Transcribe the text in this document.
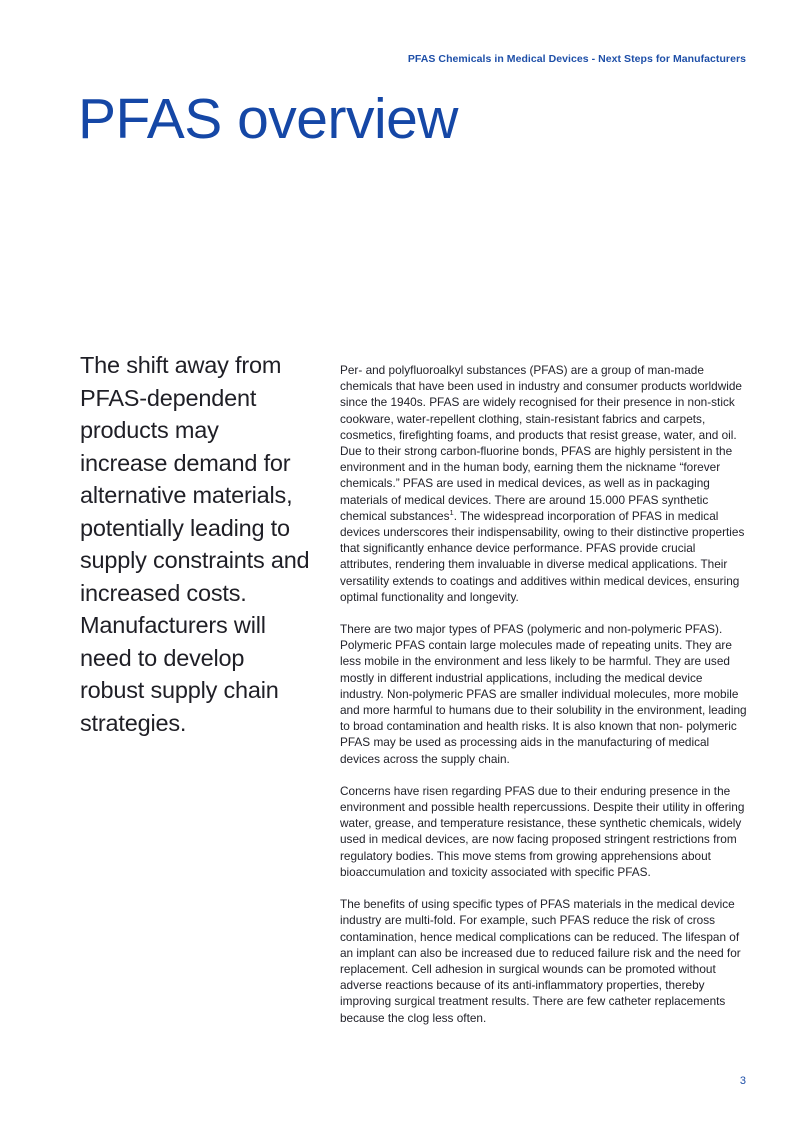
PFAS Chemicals in Medical Devices - Next Steps for Manufacturers
PFAS overview

The shift away from PFAS-dependent products may increase demand for alternative materials, potentially leading to supply constraints and increased costs. Manufacturers will need to develop robust supply chain strategies.

Per- and polyfluoroalkyl substances (PFAS) are a group of man-made chemicals that have been used in industry and consumer products worldwide since the 1940s. PFAS are widely recognised for their presence in non-stick cookware, water-repellent clothing, stain-resistant fabrics and carpets, cosmetics, firefighting foams, and products that resist grease, water, and oil. Due to their strong carbon-fluorine bonds, PFAS are highly persistent in the environment and in the human body, earning them the nickname “forever chemicals.” PFAS are used in medical devices, as well as in packaging materials of medical devices. There are around 15.000 PFAS synthetic chemical substances$^1$. The widespread incorporation of PFAS in medical devices underscores their indispensability, owing to their distinctive properties that significantly enhance device performance. PFAS provide crucial attributes, rendering them invaluable in diverse medical applications. Their versatility extends to coatings and additives within medical devices, ensuring optimal functionality and longevity.

There are two major types of PFAS (polymeric and non-polymeric PFAS). Polymeric PFAS contain large molecules made of repeating units. They are less mobile in the environment and less likely to be harmful. They are used mostly in different industrial applications, including the medical device industry. Non-polymeric PFAS are smaller individual molecules, more mobile and more harmful to humans due to their solubility in the environment, leading to broad contamination and health risks. It is also known that non- polymeric PFAS may be used as processing aids in the manufacturing of medical devices across the supply chain.

Concerns have risen regarding PFAS due to their enduring presence in the environment and possible health repercussions. Despite their utility in offering water, grease, and temperature resistance, these synthetic chemicals, widely used in medical devices, are now facing proposed stringent restrictions from regulatory bodies. This move stems from growing apprehensions about bioaccumulation and toxicity associated with specific PFAS.

The benefits of using specific types of PFAS materials in the medical device industry are multi-fold. For example, such PFAS reduce the risk of cross contamination, hence medical complications can be reduced. The lifespan of an implant can also be increased due to reduced failure risk and the need for replacement. Cell adhesion in surgical wounds can be promoted without adverse reactions because of its anti-inflammatory properties, thereby improving surgical treatment results. There are few catheter replacements because the clog less often.

3
